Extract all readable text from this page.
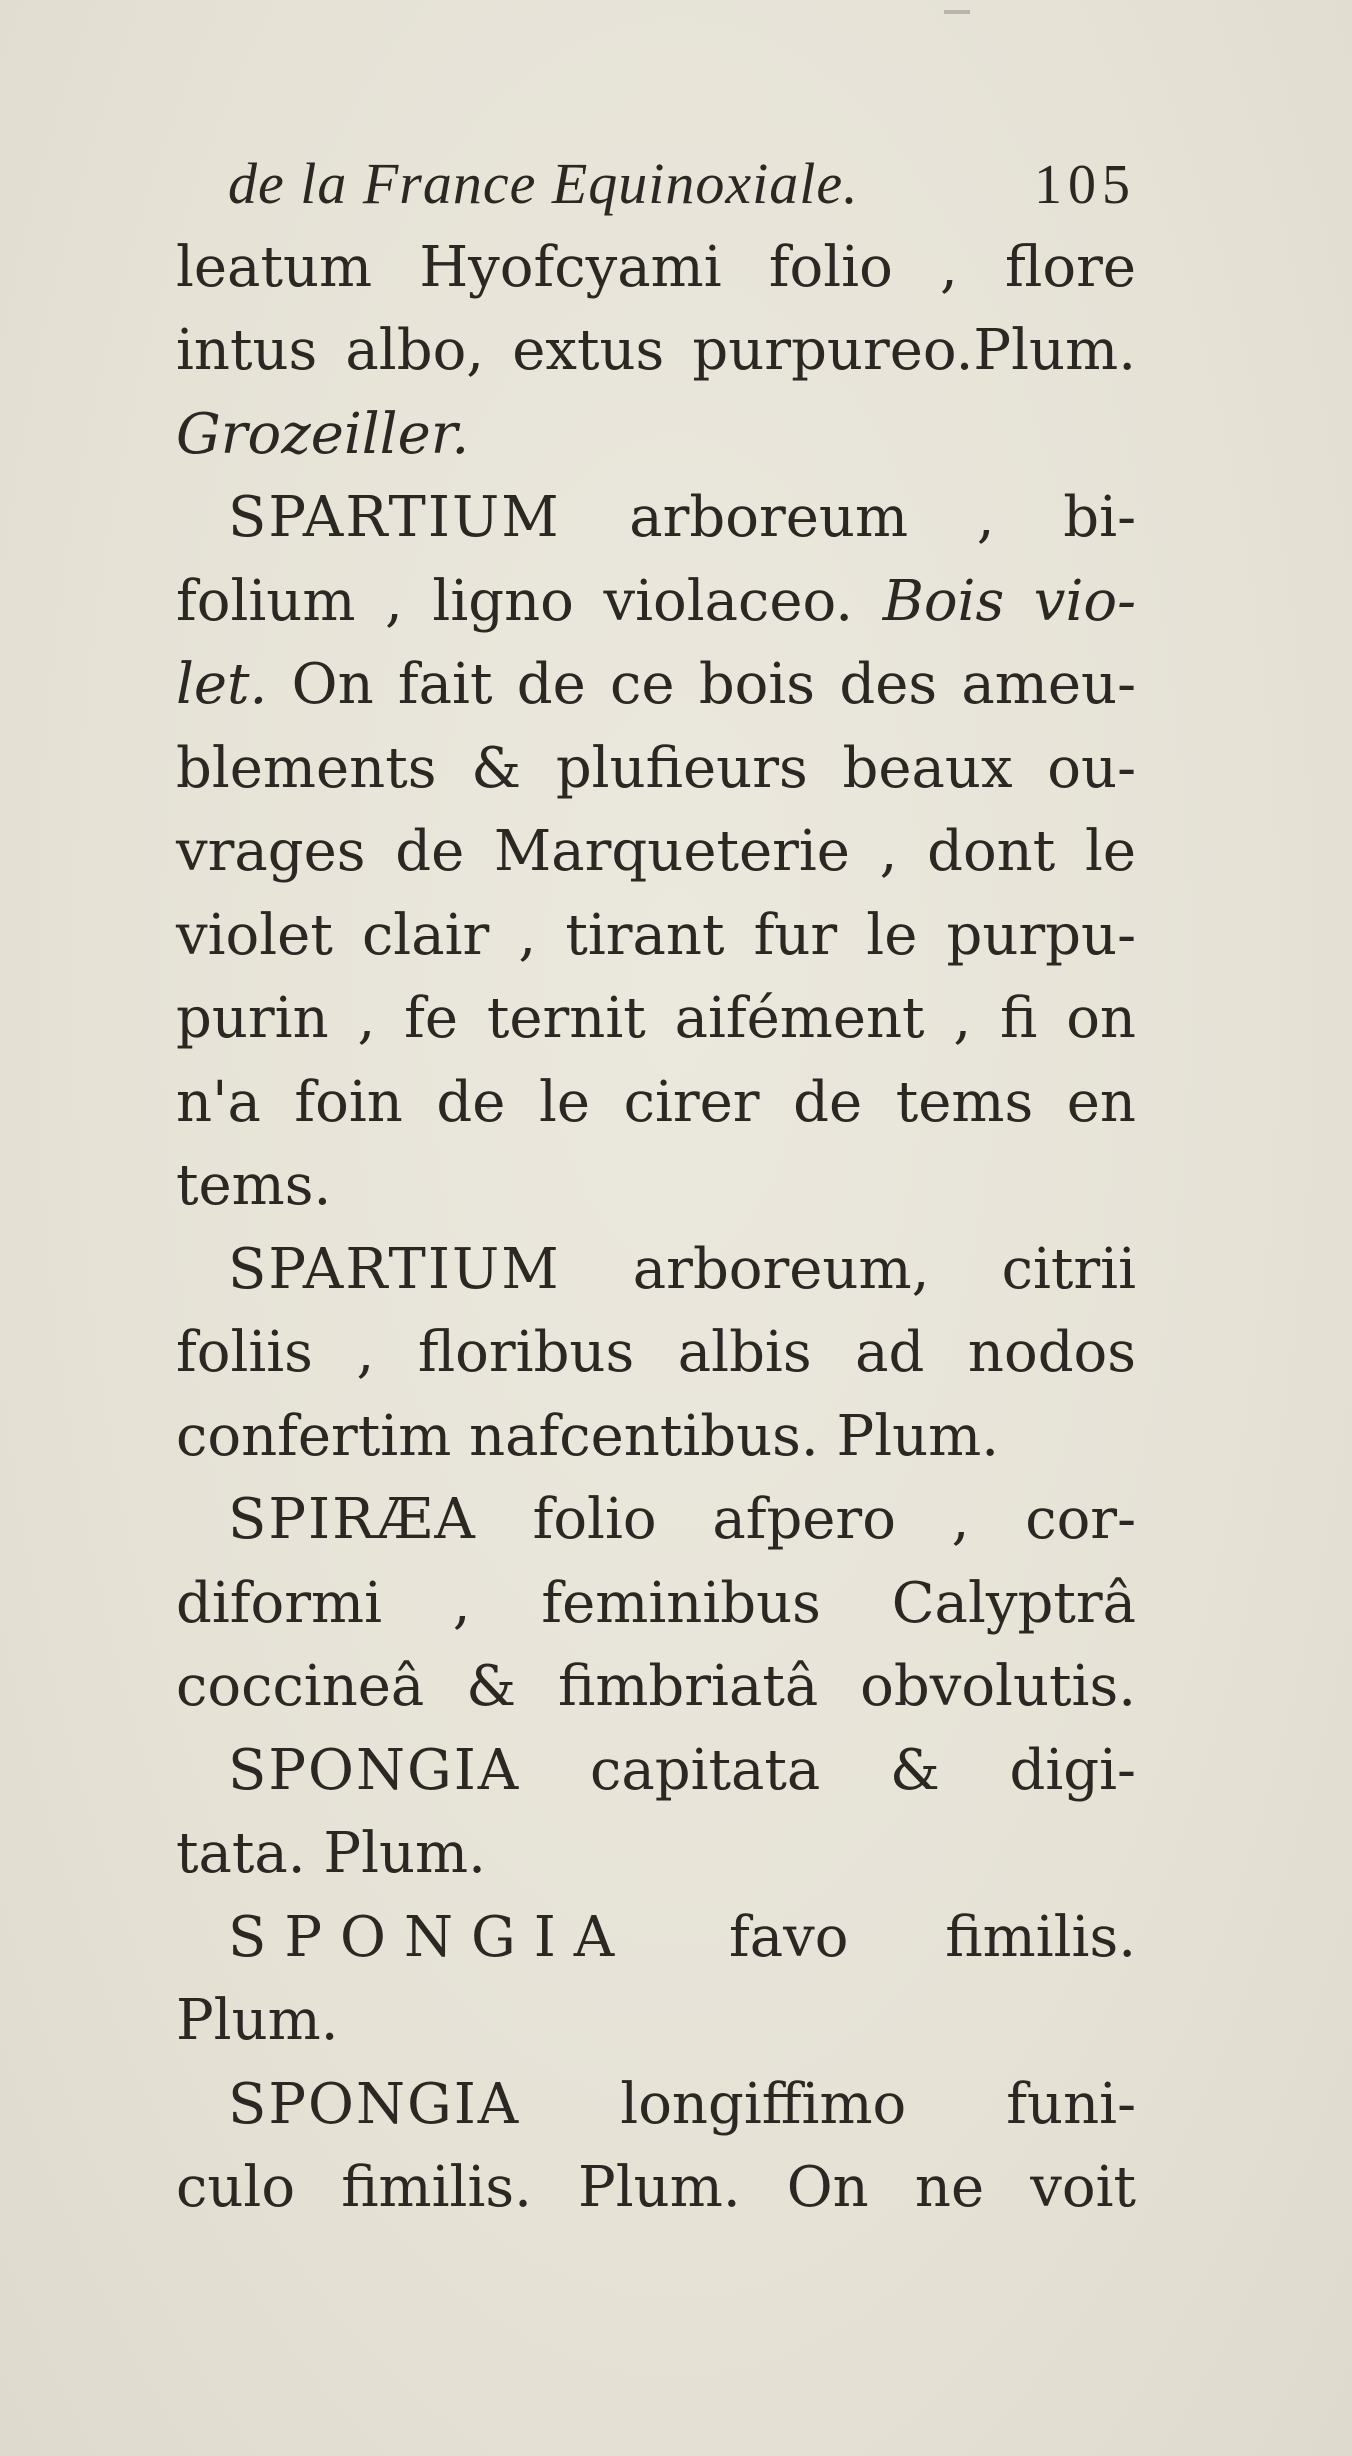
de la France Equinoxiale.	105
leatum Hyofcyami folio , flore
intus albo, extus purpureo.Plum.
Grozeiller.
SPARTIUM arboreum , bi-
folium , ligno violaceo. Bois vio-
let. On fait de ce bois des ameu-
blements & plufieurs beaux ou-
vrages de Marqueterie , dont le
violet clair , tirant fur le purpu-
purin , fe ternit aifément , fi on
n'a foin de le cirer de tems en
tems.
SPARTIUM arboreum, citrii
foliis , floribus albis ad nodos
confertim nafcentibus. Plum.
SPIRÆA folio afpero , cor-
diformi , feminibus Calyptrâ
coccineâ & fimbriatâ obvolutis.
SPONGIA capitata & digi-
tata. Plum.
SPONGIA favo fimilis.
Plum.
SPONGIA longiffimo funi-
culo fimilis. Plum. On ne voit
